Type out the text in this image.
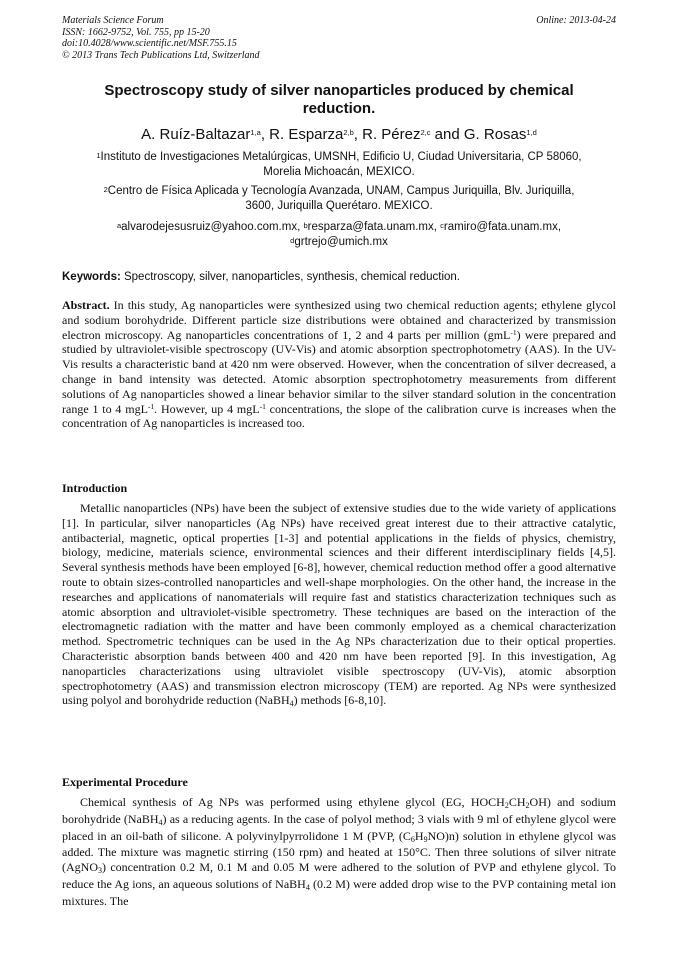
Materials Science Forum
ISSN: 1662-9752, Vol. 755, pp 15-20
doi:10.4028/www.scientific.net/MSF.755.15
© 2013 Trans Tech Publications Ltd, Switzerland
Online: 2013-04-24
Spectroscopy study of silver nanoparticles produced by chemical
reduction.
A. Ruíz-Baltazar$^{1,a}$, R. Esparza$^{2,b}$, R. Pérez$^{2,c}$ and G. Rosas$^{1,d}$
$^1$Instituto de Investigaciones Metalúrgicas, UMSNH, Edificio U, Ciudad Universitaria, CP 58060,
Morelia Michoacán, MEXICO.
$^2$Centro de Física Aplicada y Tecnología Avanzada, UNAM, Campus Juriquilla, Blv. Juriquilla,
3600, Juriquilla Querétaro. MEXICO.
$^a$alvarodejesusruiz@yahoo.com.mx, $^b$resparza@fata.unam.mx, $^c$ramiro@fata.unam.mx,
$^d$grtrejo@umich.mx
Keywords: Spectroscopy, silver, nanoparticles, synthesis, chemical reduction.
Abstract. In this study, Ag nanoparticles were synthesized using two chemical reduction agents; ethylene glycol and sodium borohydride. Different particle size distributions were obtained and characterized by transmission electron microscopy. Ag nanoparticles concentrations of 1, 2 and 4 parts per million (gmL$^{-1}$) were prepared and studied by ultraviolet-visible spectroscopy (UV-Vis) and atomic absorption spectrophotometry (AAS). In the UV-Vis results a characteristic band at 420 nm were observed. However, when the concentration of silver decreased, a change in band intensity was detected. Atomic absorption spectrophotometry measurements from different solutions of Ag nanoparticles showed a linear behavior similar to the silver standard solution in the concentration range 1 to 4 mgL$^{-1}$. However, up 4 mgL$^{-1}$ concentrations, the slope of the calibration curve is increases when the concentration of Ag nanoparticles is increased too.
Introduction
Metallic nanoparticles (NPs) have been the subject of extensive studies due to the wide variety of applications [1]. In particular, silver nanoparticles (Ag NPs) have received great interest due to their attractive catalytic, antibacterial, magnetic, optical properties [1-3] and potential applications in the fields of physics, chemistry, biology, medicine, materials science, environmental sciences and their different interdisciplinary fields [4,5]. Several synthesis methods have been employed [6-8], however, chemical reduction method offer a good alternative route to obtain sizes-controlled nanoparticles and well-shape morphologies. On the other hand, the increase in the researches and applications of nanomaterials will require fast and statistics characterization techniques such as atomic absorption and ultraviolet-visible spectrometry. These techniques are based on the interaction of the electromagnetic radiation with the matter and have been commonly employed as a chemical characterization method. Spectrometric techniques can be used in the Ag NPs characterization due to their optical properties. Characteristic absorption bands between 400 and 420 nm have been reported [9]. In this investigation, Ag nanoparticles characterizations using ultraviolet visible spectroscopy (UV-Vis), atomic absorption spectrophotometry (AAS) and transmission electron microscopy (TEM) are reported. Ag NPs were synthesized using polyol and borohydride reduction (NaBH$_4$) methods [6-8,10].
Experimental Procedure
Chemical synthesis of Ag NPs was performed using ethylene glycol (EG, $HOCH_2CH_2OH$) and sodium borohydride (NaBH$_4$) as a reducing agents. In the case of polyol method; 3 vials with 9 ml of ethylene glycol were placed in an oil-bath of silicone. A polyvinylpyrrolidone 1 M (PVP, $(C_6H_9NO)n$) solution in ethylene glycol was added. The mixture was magnetic stirring (150 rpm) and heated at 150°C. Then three solutions of silver nitrate (AgNO$_3$) concentration 0.2 M, 0.1 M and 0.05 M were adhered to the solution of PVP and ethylene glycol. To reduce the Ag ions, an aqueous solutions of NaBH$_4$ (0.2 M) were added drop wise to the PVP containing metal ion mixtures. The
